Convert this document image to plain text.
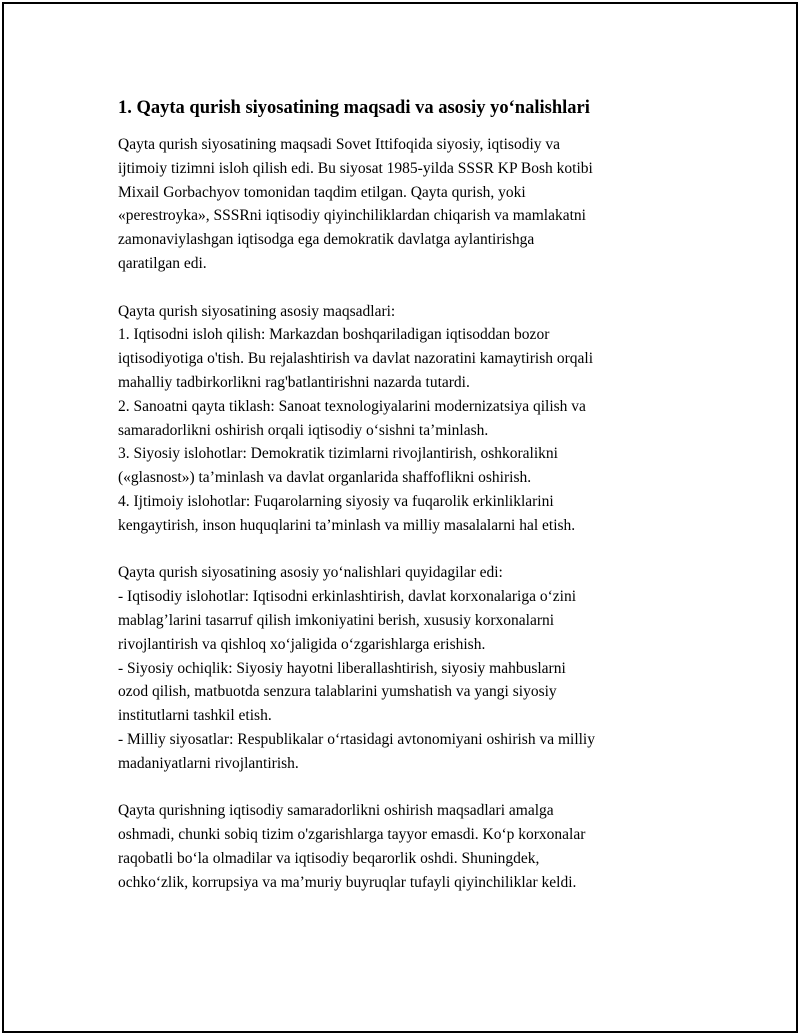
1. Qayta qurish siyosatining maqsadi va asosiy yo‘nalishlari
Qayta qurish siyosatining maqsadi Sovet Ittifoqida siyosiy, iqtisodiy va
ijtimoiy tizimni isloh qilish edi. Bu siyosat 1985-yilda SSSR KP Bosh kotibi
Mixail Gorbachyov tomonidan taqdim etilgan. Qayta qurish, yoki
«perestroyka», SSSRni iqtisodiy qiyinchiliklardan chiqarish va mamlakatni
zamonaviylashgan iqtisodga ega demokratik davlatga aylantirishga
qaratilgan edi.
Qayta qurish siyosatining asosiy maqsadlari:
1. Iqtisodni isloh qilish: Markazdan boshqariladigan iqtisoddan bozor
iqtisodiyotiga o'tish. Bu rejalashtirish va davlat nazoratini kamaytirish orqali
mahalliy tadbirkorlikni rag'batlantirishni nazarda tutardi.
2. Sanoatni qayta tiklash: Sanoat texnologiyalarini modernizatsiya qilish va
samaradorlikni oshirish orqali iqtisodiy o‘sishni ta’minlash.
3. Siyosiy islohotlar: Demokratik tizimlarni rivojlantirish, oshkoralikni
(«glasnost») ta’minlash va davlat organlarida shaffoflikni oshirish.
4. Ijtimoiy islohotlar: Fuqarolarning siyosiy va fuqarolik erkinliklarini
kengaytirish, inson huquqlarini ta’minlash va milliy masalalarni hal etish.
Qayta qurish siyosatining asosiy yo‘nalishlari quyidagilar edi:
- Iqtisodiy islohotlar: Iqtisodni erkinlashtirish, davlat korxonalariga o‘zini
mablag’larini tasarruf qilish imkoniyatini berish, xususiy korxonalarni
rivojlantirish va qishloq xo‘jaligida o‘zgarishlarga erishish.
- Siyosiy ochiqlik: Siyosiy hayotni liberallashtirish, siyosiy mahbuslarni
ozod qilish, matbuotda senzura talablarini yumshatish va yangi siyosiy
institutlarni tashkil etish.
- Milliy siyosatlar: Respublikalar o‘rtasidagi avtonomiyani oshirish va milliy
madaniyatlarni rivojlantirish.
Qayta qurishning iqtisodiy samaradorlikni oshirish maqsadlari amalga
oshmadi, chunki sobiq tizim o'zgarishlarga tayyor emasdi. Ko‘p korxonalar
raqobatli bo‘la olmadilar va iqtisodiy beqarorlik oshdi. Shuningdek,
ochko‘zlik, korrupsiya va ma’muriy buyruqlar tufayli qiyinchiliklar keldi.
